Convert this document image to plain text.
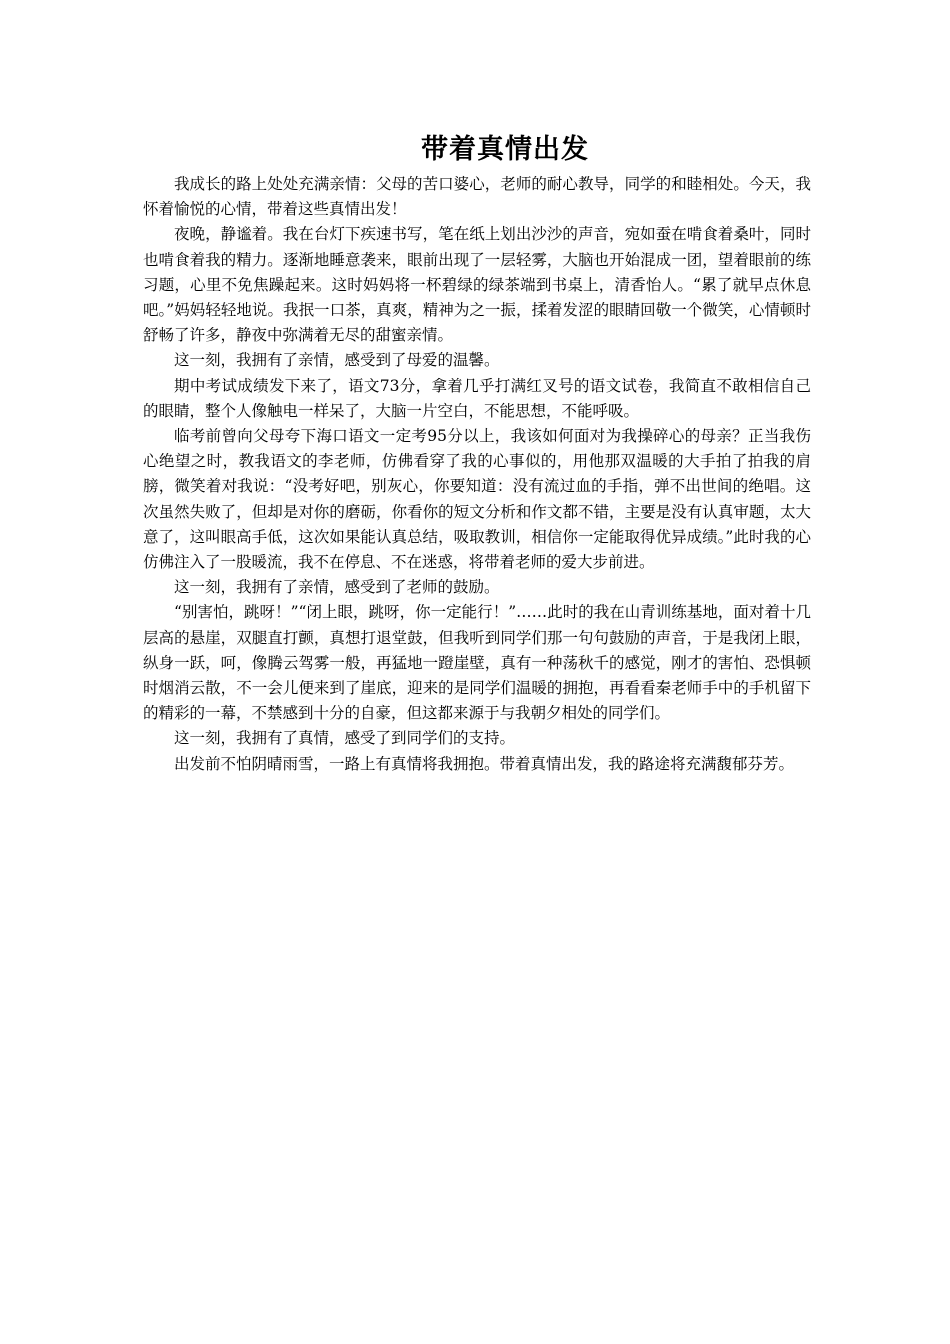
带着真情出发

我成长的路上处处充满亲情：父母的苦口婆心，老师的耐心教导，同学的和睦相处。今天，我怀着愉悦的心情，带着这些真情出发！

夜晚，静谧着。我在台灯下疾速书写，笔在纸上划出沙沙的声音，宛如蚕在啃食着桑叶，同时也啃食着我的精力。逐渐地睡意袭来，眼前出现了一层轻雾，大脑也开始混成一团，望着眼前的练习题，心里不免焦躁起来。这时妈妈将一杯碧绿的绿茶端到书桌上，清香怡人。“累了就早点休息吧。”妈妈轻轻地说。我抿一口茶，真爽，精神为之一振，揉着发涩的眼睛回敬一个微笑，心情顿时舒畅了许多，静夜中弥满着无尽的甜蜜亲情。

这一刻，我拥有了亲情，感受到了母爱的温馨。

期中考试成绩发下来了，语文73分，拿着几乎打满红叉号的语文试卷，我简直不敢相信自己的眼睛，整个人像触电一样呆了，大脑一片空白，不能思想，不能呼吸。

临考前曾向父母夸下海口语文一定考95分以上，我该如何面对为我操碎心的母亲？正当我伤心绝望之时，教我语文的李老师，仿佛看穿了我的心事似的，用他那双温暖的大手拍了拍我的肩膀，微笑着对我说：“没考好吧，别灰心，你要知道：没有流过血的手指，弹不出世间的绝唱。这次虽然失败了，但却是对你的磨砺，你看你的短文分析和作文都不错，主要是没有认真审题，太大意了，这叫眼高手低，这次如果能认真总结，吸取教训，相信你一定能取得优异成绩。”此时我的心仿佛注入了一股暖流，我不在停息、不在迷惑，将带着老师的爱大步前进。

这一刻，我拥有了亲情，感受到了老师的鼓励。

“别害怕，跳呀！”“闭上眼，跳呀，你一定能行！”……此时的我在山青训练基地，面对着十几层高的悬崖，双腿直打颤，真想打退堂鼓，但我听到同学们那一句句鼓励的声音，于是我闭上眼，纵身一跃，呵，像腾云驾雾一般，再猛地一蹬崖壁，真有一种荡秋千的感觉，刚才的害怕、恐惧顿时烟消云散，不一会儿便来到了崖底，迎来的是同学们温暖的拥抱，再看看秦老师手中的手机留下的精彩的一幕，不禁感到十分的自豪，但这都来源于与我朝夕相处的同学们。

这一刻，我拥有了真情，感受了到同学们的支持。

出发前不怕阴晴雨雪，一路上有真情将我拥抱。带着真情出发，我的路途将充满馥郁芬芳。
